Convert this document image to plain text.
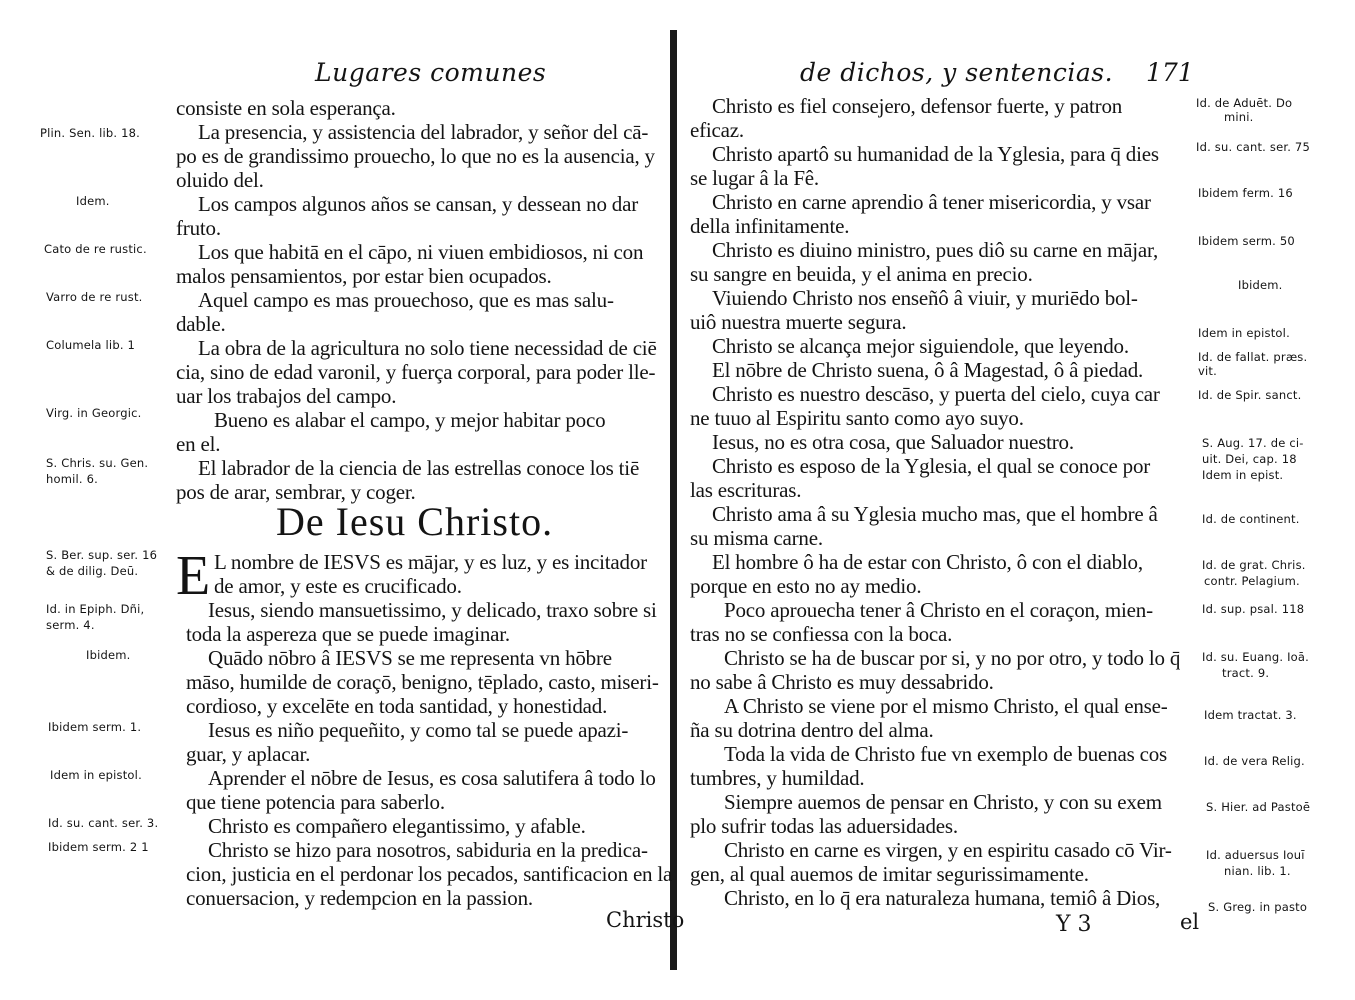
Lugares comunes
consiste en sola esperança.
La presencia, y assistencia del labrador, y señor del cā-
po es de grandissimo prouecho, lo que no es la ausencia, y
oluido del.
Los campos algunos años se cansan, y dessean no dar
fruto.
Los que habitā en el cāpo, ni viuen embidiosos, ni con
malos pensamientos, por estar bien ocupados.
Aquel campo es mas prouechoso, que es mas salu-
dable.
La obra de la agricultura no solo tiene necessidad de ciē
cia, sino de edad varonil, y fuerça corporal, para poder lle-
uar los trabajos del campo.
Bueno es alabar el campo, y mejor habitar poco
en el.
El labrador de la ciencia de las estrellas conoce los tiē
pos de arar, sembrar, y coger.
De Iesu Christo.
E L nombre de IESVS es mājar, y es luz, y es incitador
de amor, y este es crucificado.
Iesus, siendo mansuetissimo, y delicado, traxo sobre si
toda la aspereza que se puede imaginar.
Quādo nōbro â IESVS se me representa vn hōbre
māso, humilde de coraçō, benigno, tēplado, casto, miseri-
cordioso, y excelēte en toda santidad, y honestidad.
Iesus es niño pequeñito, y como tal se puede apazi-
guar, y aplacar.
Aprender el nōbre de Iesus, es cosa salutifera â todo lo
que tiene potencia para saberlo.
Christo es compañero elegantissimo, y afable.
Christo se hizo para nosotros, sabiduria en la predica-
cion, justicia en el perdonar los pecados, santificacion en la
conuersacion, y redempcion en la passion.
Christo
Plin. Sen. lib. 18.
Idem.
Cato de re rustic.
Varro de re rust.
Columela lib. 1
Virg. in Georgic.
S. Chris. su. Gen.
homil. 6.
S. Ber. sup. ser. 16
& de dilig. Deū.
Id. in Epiph. Dñi,
serm. 4.
Ibidem.
Ibidem serm. 1.
Idem in epistol.
Id. su. cant. ser. 3.
Ibidem serm. 2 1
de dichos, y sentencias. 171
Christo es fiel consejero, defensor fuerte, y patron
eficaz.
Christo apartô su humanidad de la Yglesia, para q̄ dies
se lugar â la Fê.
Christo en carne aprendio â tener misericordia, y vsar
della infinitamente.
Christo es diuino ministro, pues diô su carne en mājar,
su sangre en beuida, y el anima en precio.
Viuiendo Christo nos enseñô â viuir, y muriēdo bol-
uiô nuestra muerte segura.
Christo se alcança mejor siguiendole, que leyendo.
El nōbre de Christo suena, ô â Magestad, ô â piedad.
Christo es nuestro descāso, y puerta del cielo, cuya car
ne tuuo al Espiritu santo como ayo suyo.
Iesus, no es otra cosa, que Saluador nuestro.
Christo es esposo de la Yglesia, el qual se conoce por
las escrituras.
Christo ama â su Yglesia mucho mas, que el hombre â
su misma carne.
El hombre ô ha de estar con Christo, ô con el diablo,
porque en esto no ay medio.
Poco aprouecha tener â Christo en el coraçon, mien-
tras no se confiessa con la boca.
Christo se ha de buscar por si, y no por otro, y todo lo q̄
no sabe â Christo es muy dessabrido.
A Christo se viene por el mismo Christo, el qual ense-
ña su dotrina dentro del alma.
Toda la vida de Christo fue vn exemplo de buenas cos
tumbres, y humildad.
Siempre auemos de pensar en Christo, y con su exem
plo sufrir todas las aduersidades.
Christo en carne es virgen, y en espiritu casado cō Vir-
gen, al qual auemos de imitar segurissimamente.
Christo, en lo q̄ era naturaleza humana, temiô â Dios,
Y 3	el
Id. de Aduēt. Do
mini.
Id. su. cant. ser. 75
Ibidem ferm. 16
Ibidem serm. 50
Ibidem.
Idem in epistol.
Id. de fallat. præs.
vit.
Id. de Spir. sanct.
S. Aug. 17. de ci-
uit. Dei, cap. 18
Idem in epist.
Id. de continent.
Id. de grat. Chris.
contr. Pelagium.
Id. sup. psal. 118
Id. su. Euang. Ioā.
tract. 9.
Idem tractat. 3.
Id. de vera Relig.
S. Hier. ad Pastoē
Id. aduersus Iouī
nian. lib. 1.
S. Greg. in pasto
